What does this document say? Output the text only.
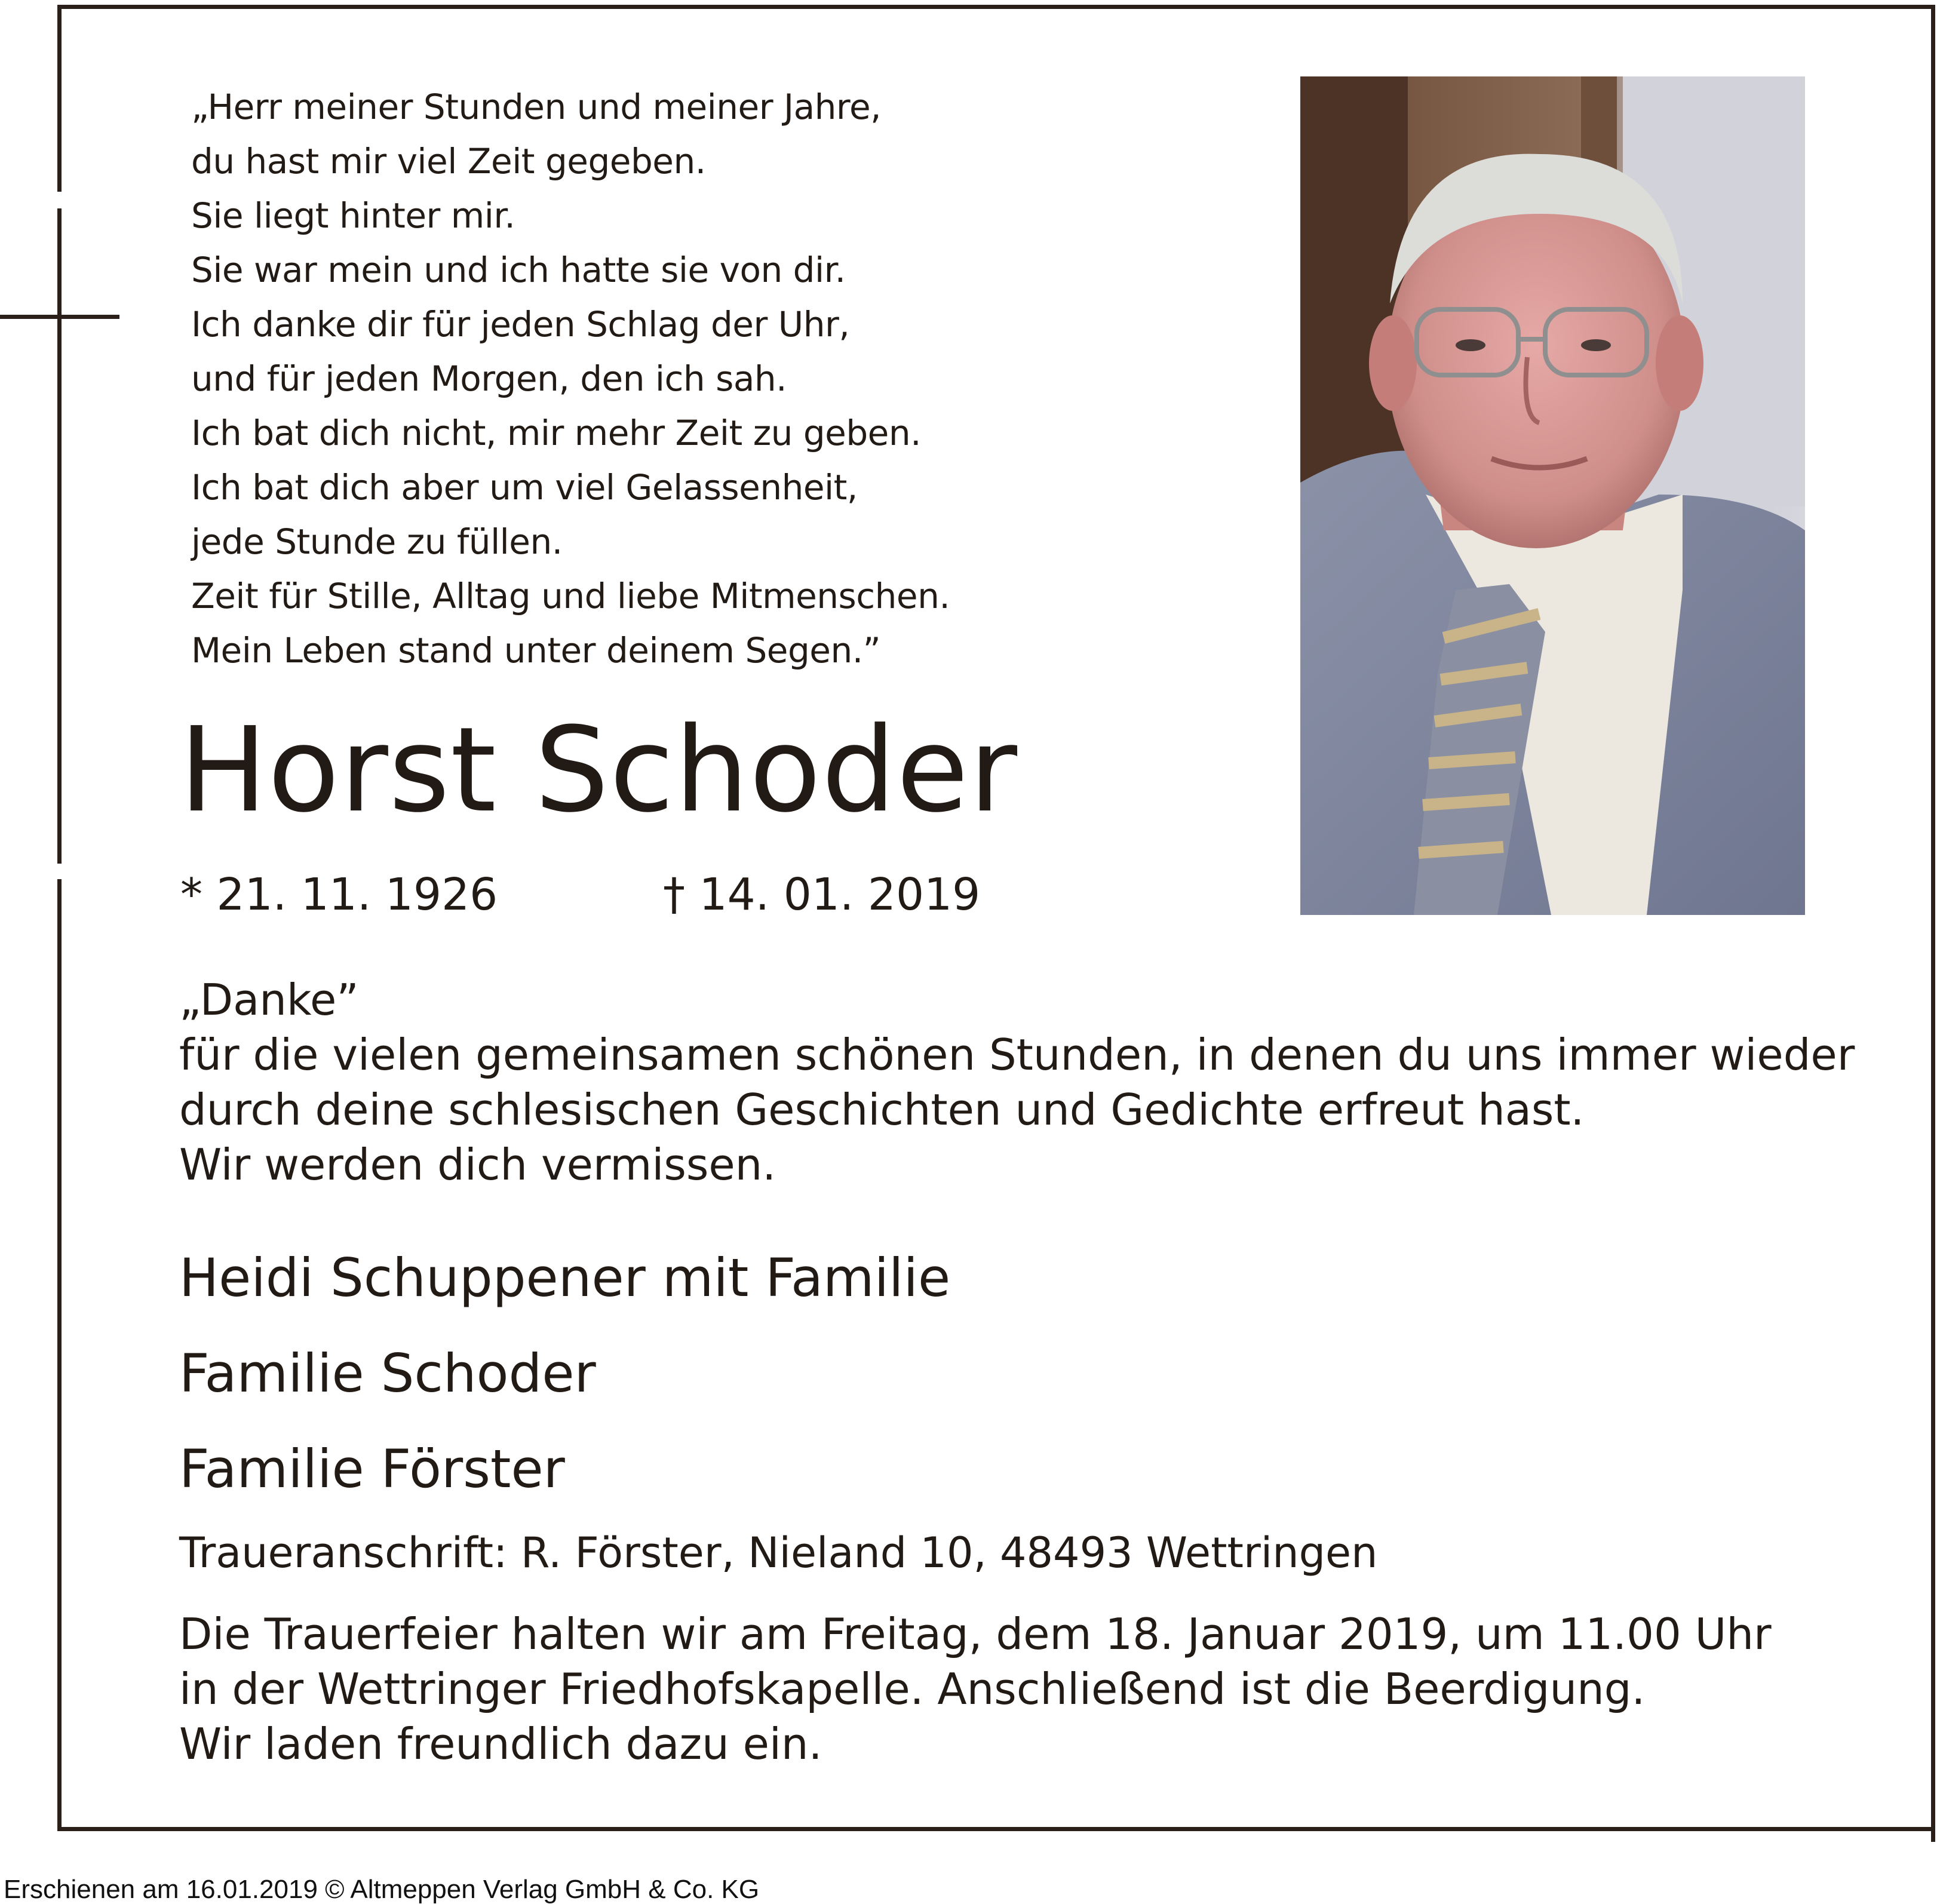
„Herr meiner Stunden und meiner Jahre,
du hast mir viel Zeit gegeben.
Sie liegt hinter mir.
Sie war mein und ich hatte sie von dir.
Ich danke dir für jeden Schlag der Uhr,
und für jeden Morgen, den ich sah.
Ich bat dich nicht, mir mehr Zeit zu geben.
Ich bat dich aber um viel Gelassenheit,
jede Stunde zu füllen.
Zeit für Stille, Alltag und liebe Mitmenschen.
Mein Leben stand unter deinem Segen.”
Horst Schoder
* 21. 11. 1926	† 14. 01. 2019
„Danke”
für die vielen gemeinsamen schönen Stunden, in denen du uns immer wieder
durch deine schlesischen Geschichten und Gedichte erfreut hast.
Wir werden dich vermissen.
Heidi Schuppener mit Familie
Familie Schoder
Familie Förster
Traueranschrift: R. Förster, Nieland 10, 48493 Wettringen
Die Trauerfeier halten wir am Freitag, dem 18. Januar 2019, um 11.00 Uhr
in der Wettringer Friedhofskapelle. Anschließend ist die Beerdigung.
Wir laden freundlich dazu ein.
Erschienen am 16.01.2019 © Altmeppen Verlag GmbH & Co. KG
